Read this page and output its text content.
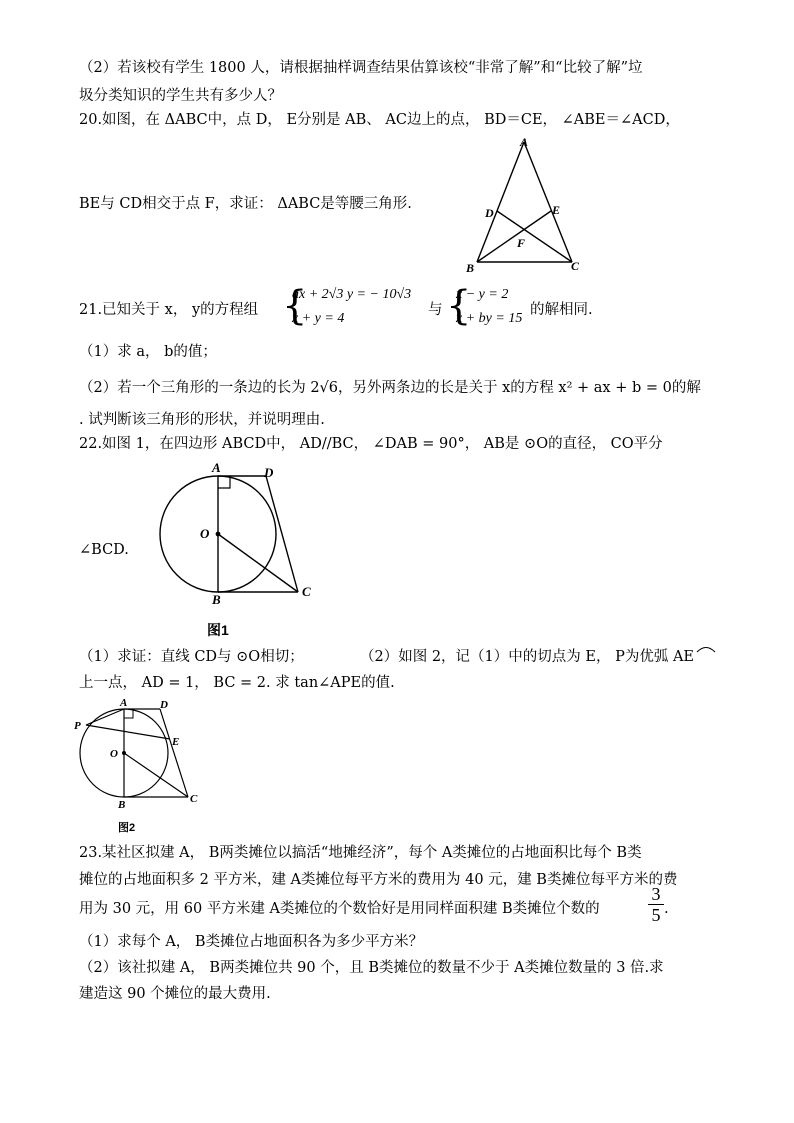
（2）若该校有学生 1800 人，请根据抽样调查结果估算该校“非常了解”和“比较了解”垃
圾分类知识的学生共有多少人？
20.如图，在 ΔABC中，点 D， E分别是 AB、 AC边上的点， BD＝CE， ∠ABE＝∠ACD，
BE与 CD相交于点 F，求证： ΔABC是等腰三角形.
A
D	E
F
B	C
21.已知关于 x， y的方程组 {
ax + 2√3 y = − 10√3
x + y = 4
与 {
x − y = 2
x + by = 15
的解相同.
（1）求 a， b的值；
（2）若一个三角形的一条边的长为 2√6，另外两条边的长是关于 x的方程 x² + ax + b = 0的解
. 试判断该三角形的形状，并说明理由.
22.如图 1，在四边形 ABCD中， AD//BC， ∠DAB = 90°， AB是 ⊙O的直径， CO平分
∠BCD.
A	D
O
B
C
图1
（1）求证：直线 CD与 ⊙O相切；	（2）如图 2，记（1）中的切点为 E， P为优弧 AE
上一点， AD = 1， BC = 2. 求 tan∠APE的值.
A	D
P
O
E
B	C
图2
23.某社区拟建 A， B两类摊位以搞活“地摊经济”，每个 A类摊位的占地面积比每个 B类
摊位的占地面积多 2 平方米，建 A类摊位每平方米的费用为 40 元，建 B类摊位每平方米的费
用为 30 元，用 60 平方米建 A类摊位的个数恰好是用同样面积建 B类摊位个数的
3
5 .
（1）求每个 A， B类摊位占地面积各为多少平方米？
（2）该社拟建 A， B两类摊位共 90 个，且 B类摊位的数量不少于 A类摊位数量的 3 倍.求
建造这 90 个摊位的最大费用.
